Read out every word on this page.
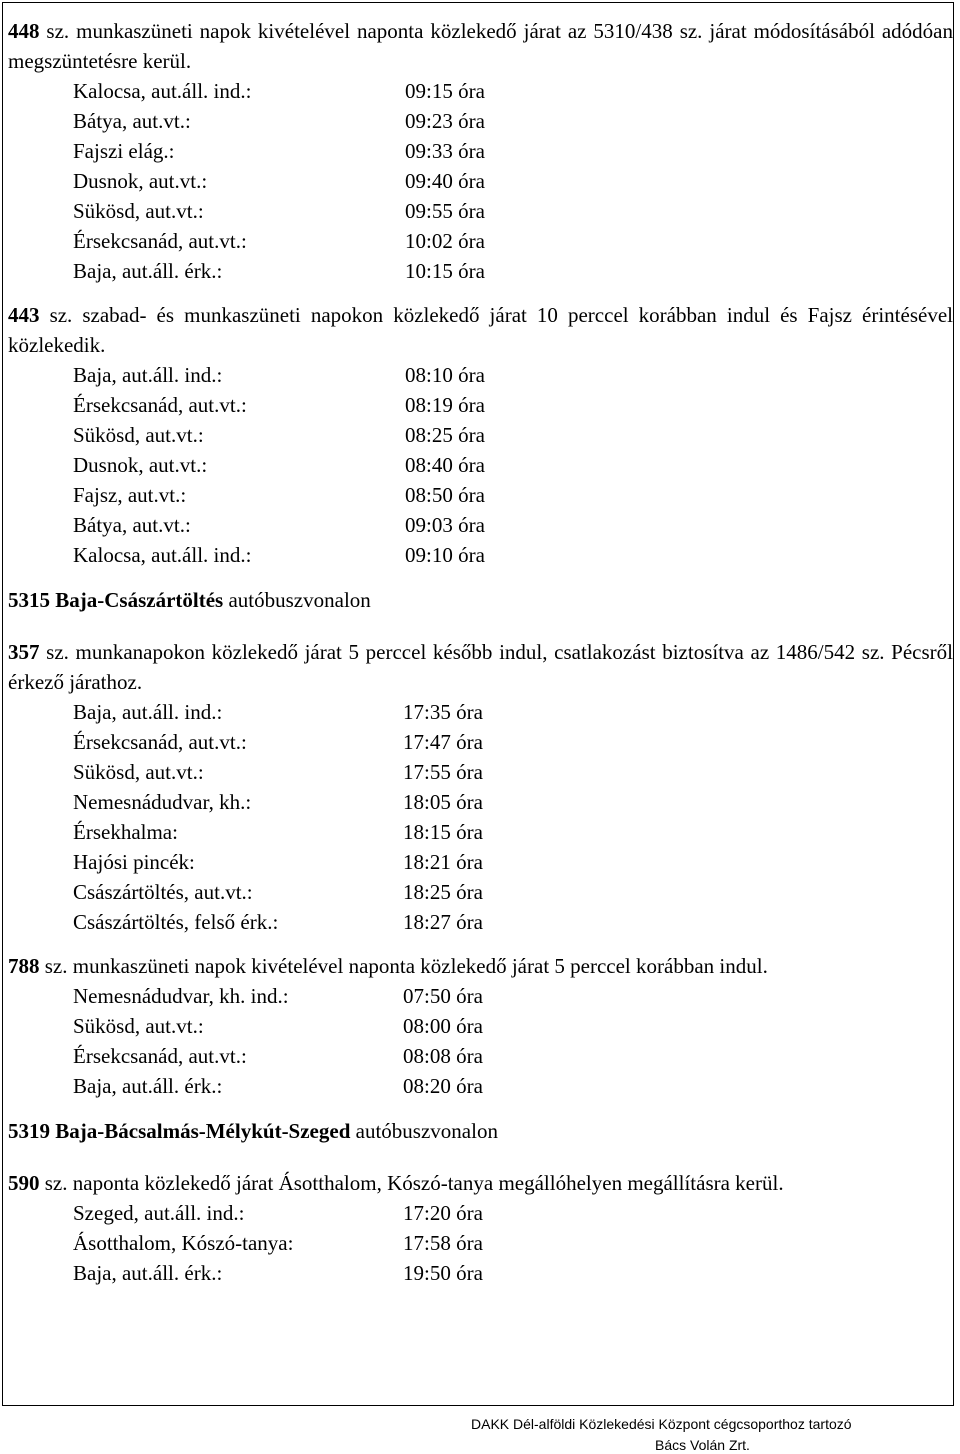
448 sz. munkaszüneti napok kivételével naponta közlekedő járat az 5310/438 sz. járat módosításából adódóan megszüntetésre kerül.
Kalocsa, aut.áll. ind.:	09:15 óra
Bátya, aut.vt.:	09:23 óra
Fajszi elág.:	09:33 óra
Dusnok, aut.vt.:	09:40 óra
Sükösd, aut.vt.:	09:55 óra
Érsekcsanád, aut.vt.:	10:02 óra
Baja, aut.áll. érk.:	10:15 óra
443 sz. szabad- és munkaszüneti napokon közlekedő járat 10 perccel korábban indul és Fajsz érintésével közlekedik.
Baja, aut.áll. ind.:	08:10 óra
Érsekcsanád, aut.vt.:	08:19 óra
Sükösd, aut.vt.:	08:25 óra
Dusnok, aut.vt.:	08:40 óra
Fajsz, aut.vt.:	08:50 óra
Bátya, aut.vt.:	09:03 óra
Kalocsa, aut.áll. ind.:	09:10 óra
5315 Baja-Császártöltés autóbuszvonalon
357 sz. munkanapokon közlekedő járat 5 perccel később indul, csatlakozást biztosítva az 1486/542 sz. Pécsről érkező járathoz.
Baja, aut.áll. ind.:	17:35 óra
Érsekcsanád, aut.vt.:	17:47 óra
Sükösd, aut.vt.:	17:55 óra
Nemesnádudvar, kh.:	18:05 óra
Érsekhalma:	18:15 óra
Hajósi pincék:	18:21 óra
Császártöltés, aut.vt.:	18:25 óra
Császártöltés, felső érk.:	18:27 óra
788 sz. munkaszüneti napok kivételével naponta közlekedő járat 5 perccel korábban indul.
Nemesnádudvar, kh. ind.:	07:50 óra
Sükösd, aut.vt.:	08:00 óra
Érsekcsanád, aut.vt.:	08:08 óra
Baja, aut.áll. érk.:	08:20 óra
5319 Baja-Bácsalmás-Mélykút-Szeged autóbuszvonalon
590 sz. naponta közlekedő járat Ásotthalom, Kószó-tanya megállóhelyen megállításra kerül.
Szeged, aut.áll. ind.:	17:20 óra
Ásotthalom, Kószó-tanya:	17:58 óra
Baja, aut.áll. érk.:	19:50 óra
DAKK Dél-alföldi Közlekedési Központ cégcsoporthoz tartozó
Bács Volán Zrt.
